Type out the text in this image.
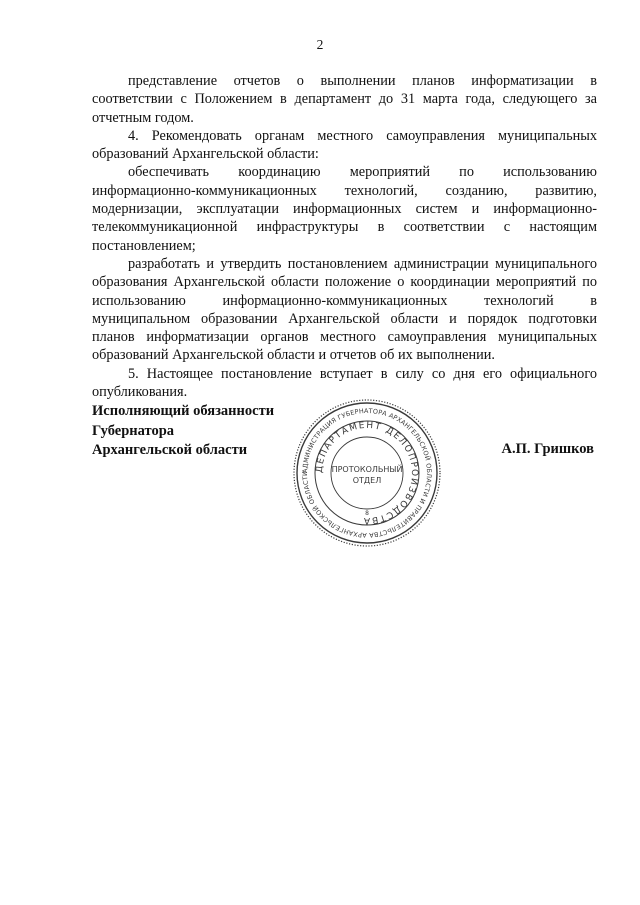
2

представление отчетов о выполнении планов информатизации в соответствии с Положением в департамент до 31 марта года, следующего за отчетным годом.

4. Рекомендовать органам местного самоуправления муниципальных образований Архангельской области:

обеспечивать координацию мероприятий по использованию информационно-коммуникационных технологий, созданию, развитию, модернизации, эксплуатации информационных систем и информационно-телекоммуникационной инфраструктуры в соответствии с настоящим постановлением;

разработать и утвердить постановлением администрации муниципального образования Архангельской области положение о координации мероприятий по использованию информационно-коммуникационных технологий в муниципальном образовании Архангельской области и порядок подготовки планов информатизации органов местного самоуправления муниципальных образований Архангельской области и отчетов об их выполнении.

5. Настоящее постановление вступает в силу со дня его официального опубликования.

Исполняющий обязанности
Губернатора
Архангельской области	А.П. Гришков
АДМИНИСТРАЦИЯ ГУБЕРНАТОРА АРХАНГЕЛЬСКОЙ ОБЛАСТИ И ПРАВИТЕЛЬСТВА АРХАНГЕЛЬСКОЙ ОБЛАСТИ
ДЕПАРТАМЕНТ ДЕЛОПРОИЗВОДСТВА
ПРОТОКОЛЬНЫЙ
ОТДЕЛ
8
